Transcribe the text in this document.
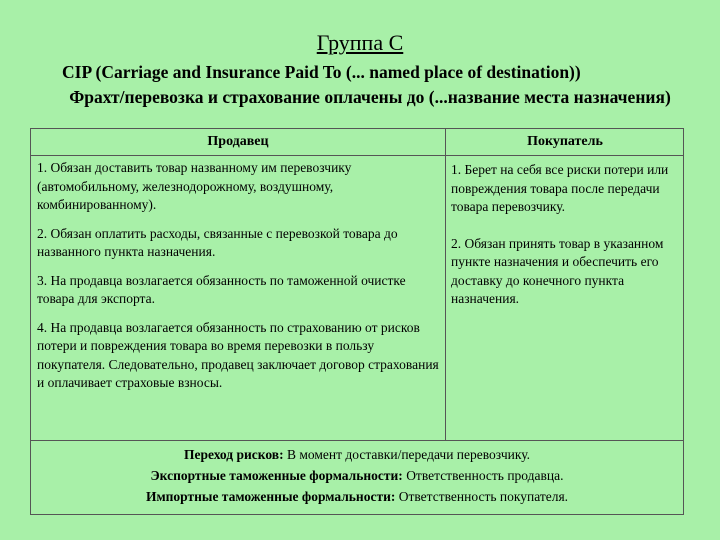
Группа С
CIP (Carriage and Insurance Paid To (... named place of destination))
Фрахт/перевозка и страхование оплачены до (...название места назначения)
Продавец	Покупатель

1. Обязан доставить товар названному им перевозчику (автомобильному, железнодорожному, воздушному, комбинированному).

2. Обязан оплатить расходы, связанные с перевозкой товара до названного пункта назначения.

3. На продавца возлагается обязанность по таможенной очистке товара для экспорта.

4. На продавца возлагается обязанность по страхованию от рисков потери и повреждения товара во время перевозки в пользу покупателя. Следовательно, продавец заключает договор страхования и оплачивает страховые взносы.

1. Берет на себя все риски потери или повреждения товара после передачи товара перевозчику.
2. Обязан принять товар в указанном пункте назначения и обеспечить его доставку до конечного пункта назначения.
Переход рисков: В момент доставки/передачи перевозчику.
Экспортные таможенные формальности: Ответственность продавца.
Импортные таможенные формальности: Ответственность покупателя.
